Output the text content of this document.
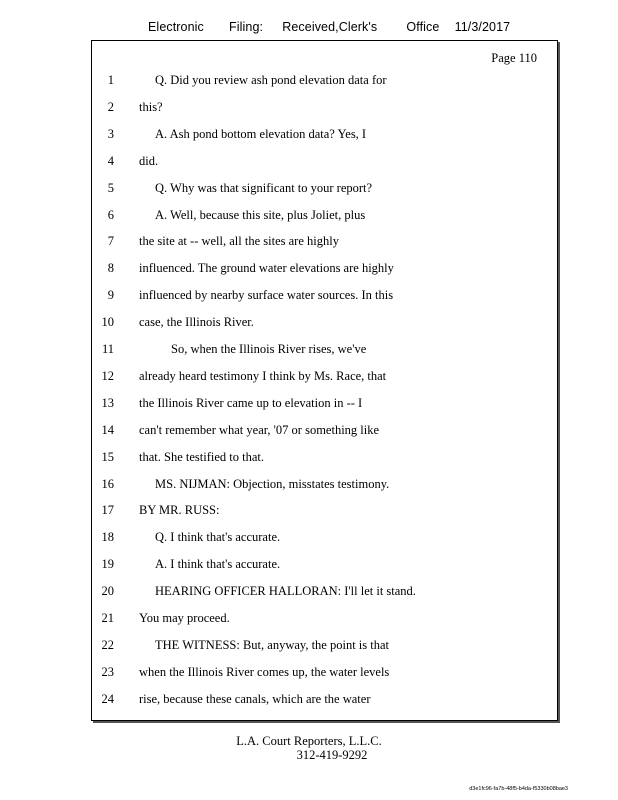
Electronic Filing: Received,Clerk's Office 11/3/2017
Page 110
1	Q. Did you review ash pond elevation data for
2 this?
3	A. Ash pond bottom elevation data? Yes, I
4 did.
5	Q. Why was that significant to your report?
6	A. Well, because this site, plus Joliet, plus
7 the site at -- well, all the sites are highly
8 influenced. The ground water elevations are highly
9 influenced by nearby surface water sources. In this
10 case, the Illinois River.
11	So, when the Illinois River rises, we've
12 already heard testimony I think by Ms. Race, that
13 the Illinois River came up to elevation in -- I
14 can't remember what year, '07 or something like
15 that. She testified to that.
16	MS. NIJMAN: Objection, misstates testimony.
17 BY MR. RUSS:
18	Q. I think that's accurate.
19	A. I think that's accurate.
20	HEARING OFFICER HALLORAN: I'll let it stand.
21 You may proceed.
22	THE WITNESS: But, anyway, the point is that
23 when the Illinois River comes up, the water levels
24 rise, because these canals, which are the water
L.A. Court Reporters, L.L.C.
312-419-9292
d3e1fc96-fa7b-48f5-b4da-f5330b08bae3
